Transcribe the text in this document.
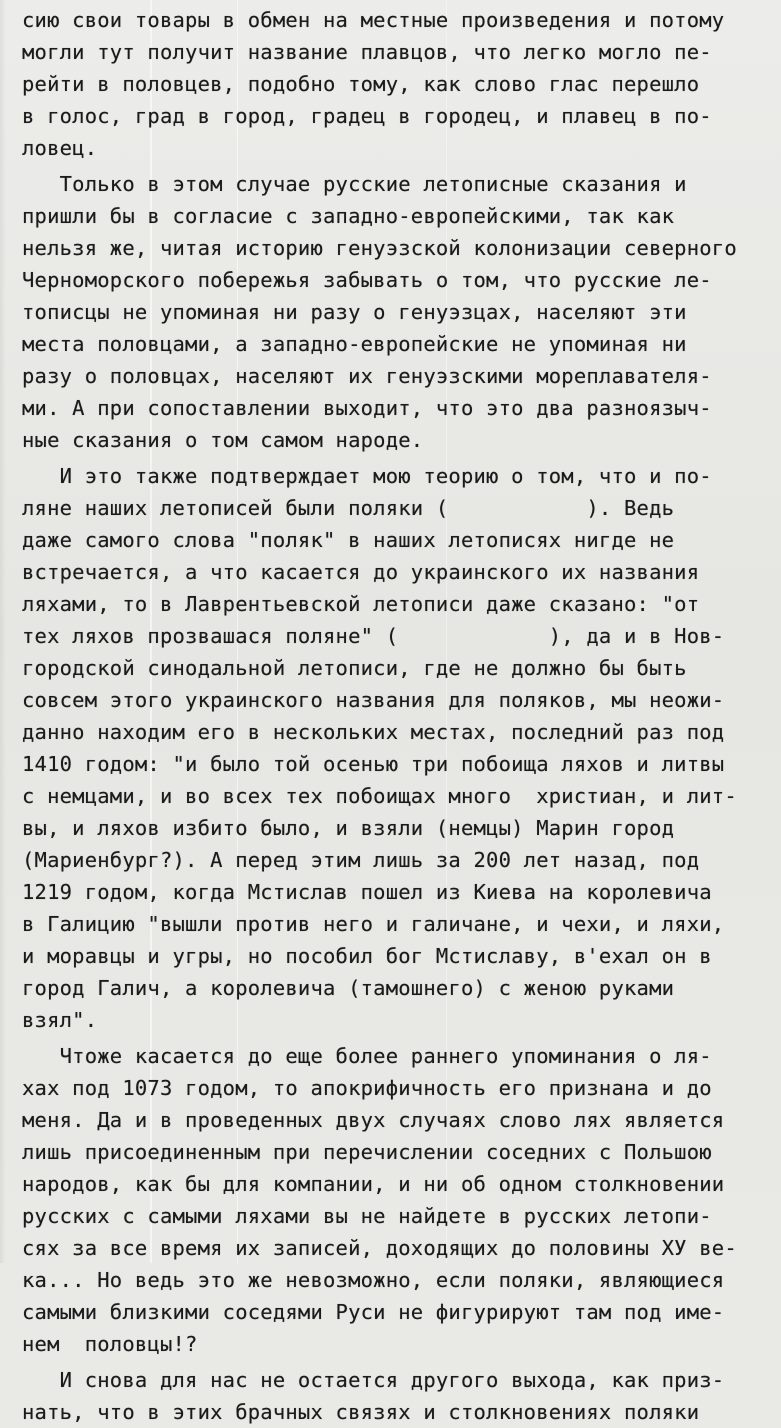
сию свои товары в обмен на местные произведения и потому
могли тут получит название плавцов, что легко могло пе-
рейти в половцев, подобно тому, как слово глас перешло
в голос, град в город, градец в городец, и плавец в по-
ловец.
Только в этом случае русские летописные сказания и
пришли бы в согласие с западно-европейскими, так как
нельзя же, читая историю генуэзской колонизации северного
Черноморского побережья забывать о том, что русские ле-
тописцы не упоминая ни разу о генуэзцах, населяют эти
места половцами, а западно-европейские не упоминая ни
разу о половцах, населяют их генуэзскими мореплавателя-
ми. А при сопоставлении выходит, что это два разноязыч-
ные сказания о том самом народе.
И это также подтверждает мою теорию о том, что и по-
ляне наших летописей были поляки (           ). Ведь
даже самого слова "поляк" в наших летописях нигде не
встречается, а что касается до украинского их названия
ляхами, то в Лаврентьевской летописи даже сказано: "от
тех ляхов прозвашася поляне" (            ), да и в Нов-
городской синодальной летописи, где не должно бы быть
совсем этого украинского названия для поляков, мы неожи-
данно находим его в нескольких местах, последний раз под
1410 годом: "и было той осенью три побоища ляхов и литвы
с немцами, и во всех тех побоищах много  христиан, и лит-
вы, и ляхов избито было, и взяли (немцы) Марин город
(Мариенбург?). А перед этим лишь за 200 лет назад, под
1219 годом, когда Мстислав пошел из Киева на королевича
в Галицию "вышли против него и галичане, и чехи, и ляхи,
и моравцы и угры, но пособил бог Мстиславу, в'ехал он в
город Галич, а королевича (тамошнего) с женою руками
взял".
Чтоже касается до еще более раннего упоминания о ля-
хах под 1073 годом, то апокрифичность его признана и до
меня. Да и в проведенных двух случаях слово лях является
лишь присоединенным при перечислении соседних с Польшою
народов, как бы для компании, и ни об одном столкновении
русских с самыми ляхами вы не найдете в русских летопи-
сях за все время их записей, доходящих до половины ХУ ве-
ка... Но ведь это же невозможно, если поляки, являющиеся
самыми близкими соседями Руси не фигурируют там под име-
нем  половцы!?
И снова для нас не остается другого выхода, как приз-
нать, что в этих брачных связях и столкновениях поляки
